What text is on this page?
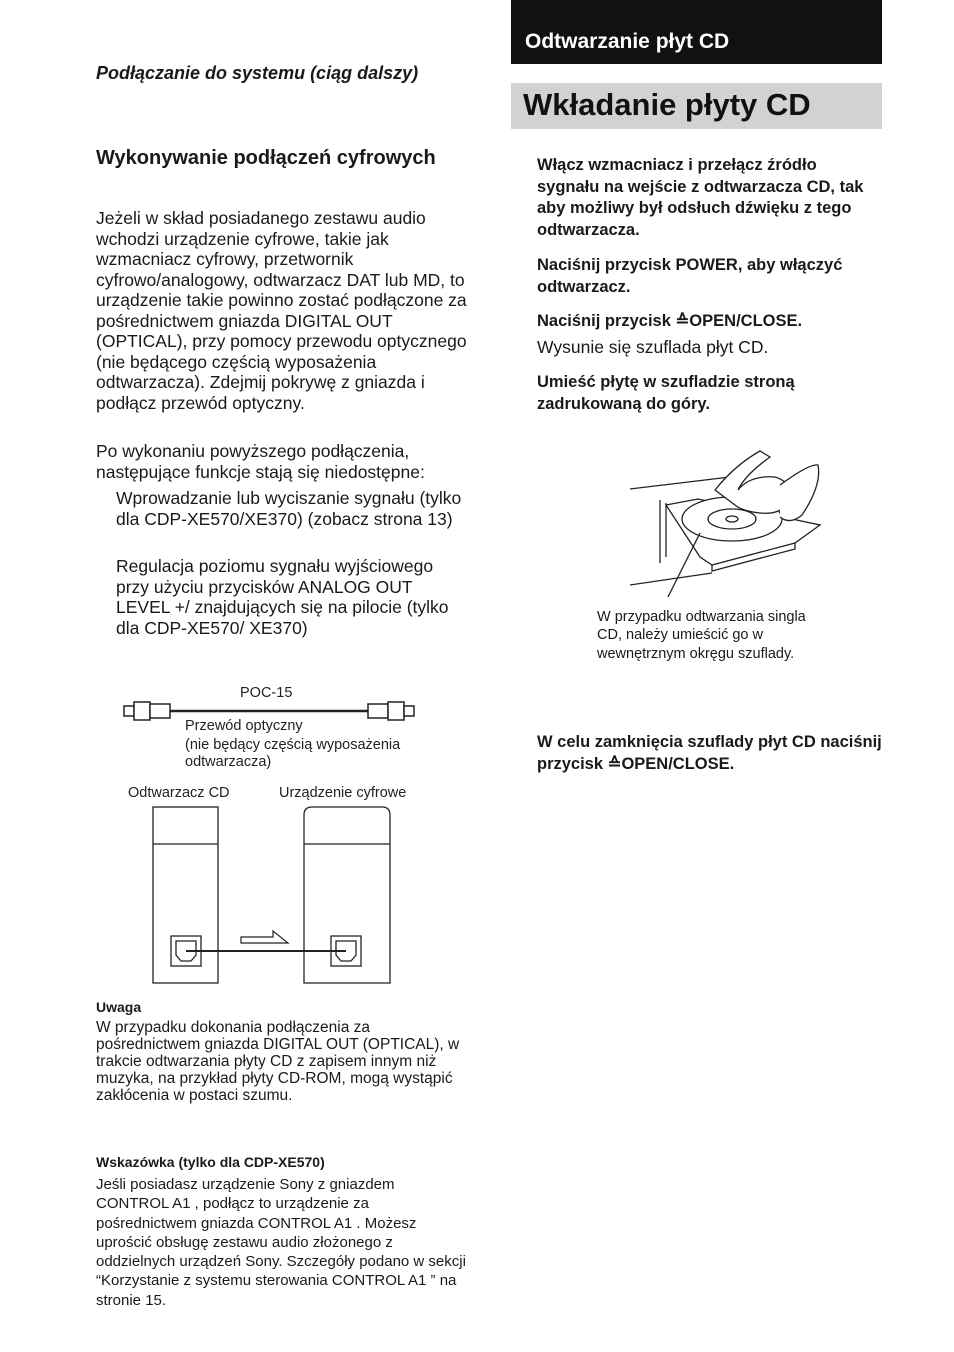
Podłączanie do systemu (ciąg dalszy)
Wykonywanie podłączeń cyfrowych
Jeżeli w skład posiadanego zestawu audio wchodzi urządzenie cyfrowe, takie jak wzmacniacz cyfrowy, przetwornik cyfrowo/analogowy, odtwarzacz DAT lub MD, to urządzenie takie powinno zostać podłączone za pośrednictwem gniazda DIGITAL OUT (OPTICAL), przy pomocy przewodu optycznego (nie będącego częścią wyposażenia odtwarzacza). Zdejmij pokrywę z gniazda i podłącz przewód optyczny.
Po wykonaniu powyższego podłączenia, następujące funkcje stają się niedostępne:
Wprowadzanie lub wyciszanie sygnału (tylko dla CDP-XE570/XE370) (zobacz strona 13)
Regulacja poziomu sygnału wyjściowego przy użyciu przycisków ANALOG OUT LEVEL +/ znajdujących się na pilocie (tylko dla CDP-XE570/ XE370)
POC-15
Przewód optyczny
(nie będący częścią wyposażenia
odtwarzacza)
Odtwarzacz CD	Urządzenie cyfrowe
Uwaga
W przypadku dokonania podłączenia za pośrednictwem gniazda DIGITAL OUT (OPTICAL), w trakcie odtwarzania płyty CD z zapisem innym niż muzyka, na przykład płyty CD-ROM, mogą wystąpić zakłócenia w postaci szumu.
Wskazówka (tylko dla CDP-XE570)
Jeśli posiadasz urządzenie Sony z gniazdem CONTROL A1 , podłącz to urządzenie za pośrednictwem gniazda CONTROL A1 . Możesz uprościć obsługę zestawu audio złożonego z oddzielnych urządzeń Sony. Szczegóły podano w sekcji “Korzystanie z systemu sterowania CONTROL A1 ” na stronie 15.
Odtwarzanie płyt CD
Wkładanie płyty CD
Włącz wzmacniacz i przełącz źródło sygnału na wejście z odtwarzacza CD, tak aby możliwy był odsłuch dźwięku z tego odtwarzacza.
Naciśnij przycisk POWER, aby włączyć odtwarzacz.
Naciśnij przycisk ≙OPEN/CLOSE.
Wysunie się szuflada płyt CD.
Umieść płytę w szufladzie stroną zadrukowaną do góry.
W przypadku odtwarzania singla CD, należy umieścić go w wewnętrznym okręgu szuflady.
W celu zamknięcia szuflady płyt CD naciśnij przycisk ≙OPEN/CLOSE.
